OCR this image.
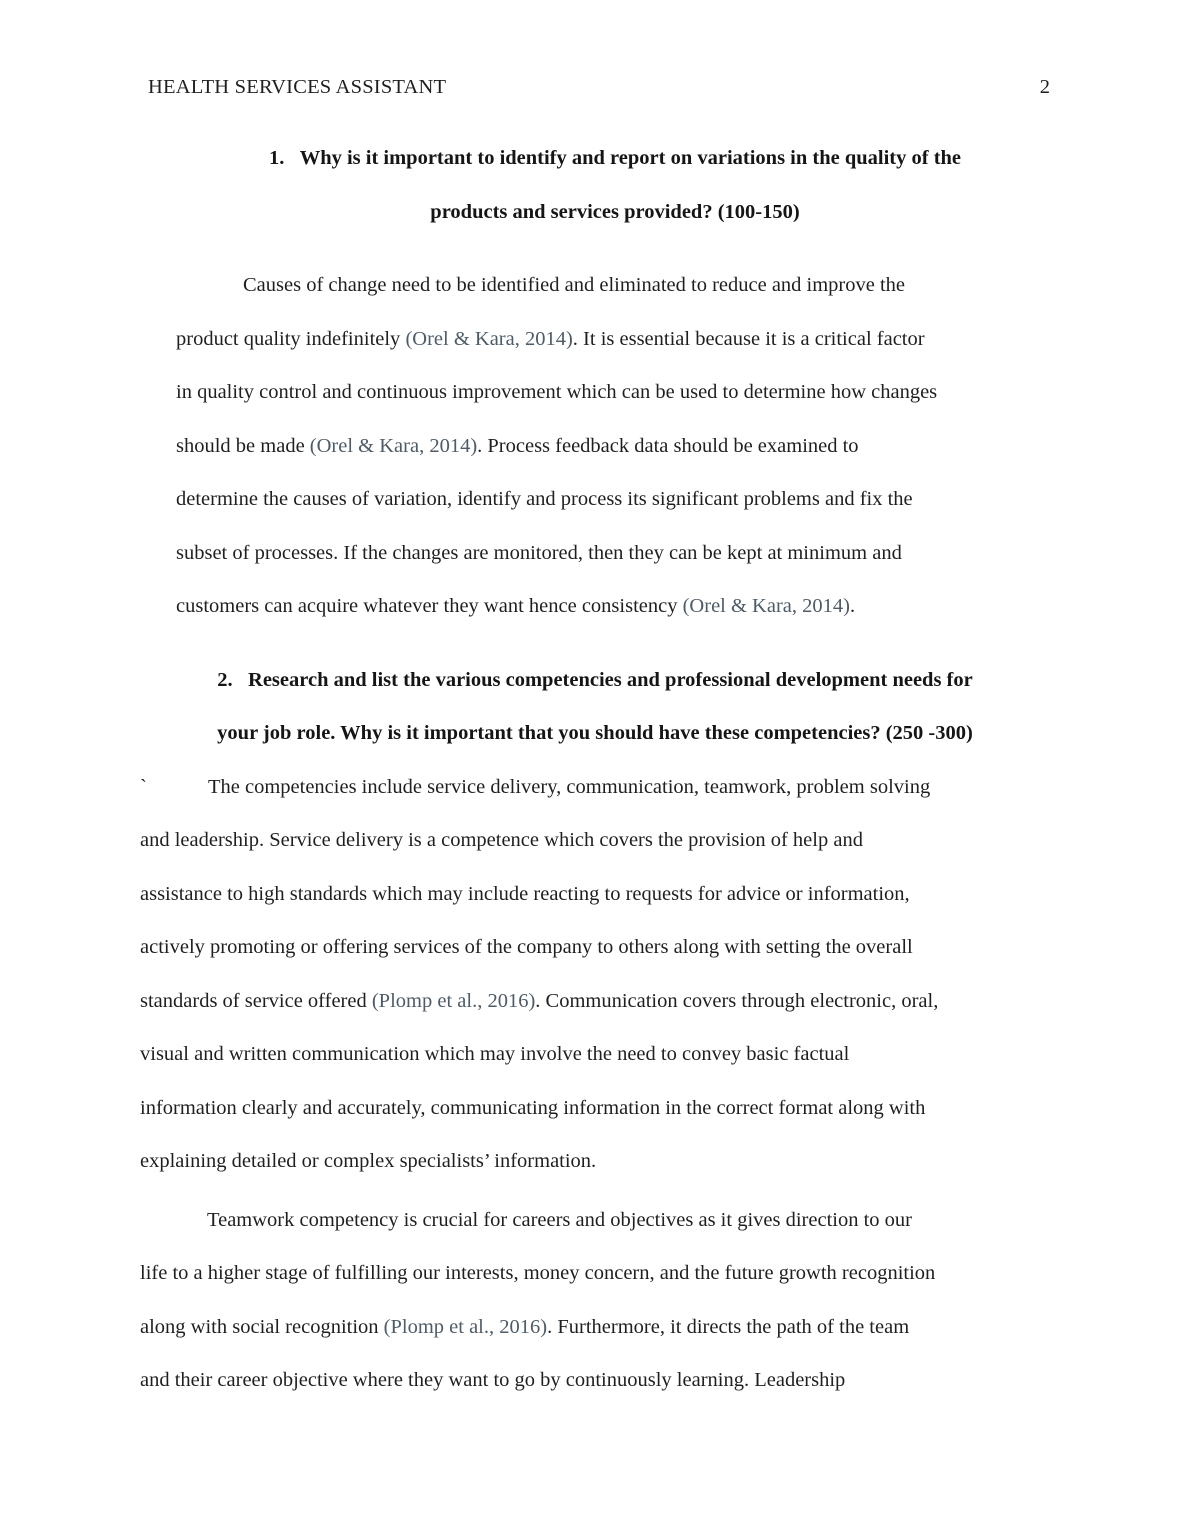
HEALTH SERVICES ASSISTANT	2
1.   Why is it important to identify and report on variations in the quality of the
products and services provided? (100-150)
Causes of change need to be identified and eliminated to reduce and improve the
product quality indefinitely (Orel & Kara, 2014). It is essential because it is a critical factor
in quality control and continuous improvement which can be used to determine how changes
should be made (Orel & Kara, 2014). Process feedback data should be examined to
determine the causes of variation, identify and process its significant problems and fix the
subset of processes. If the changes are monitored, then they can be kept at minimum and
customers can acquire whatever they want hence consistency (Orel & Kara, 2014).
2.   Research and list the various competencies and professional development needs for
your job role. Why is it important that you should have these competencies? (250 -300)
`	The competencies include service delivery, communication, teamwork, problem solving
and leadership. Service delivery is a competence which covers the provision of help and
assistance to high standards which may include reacting to requests for advice or information,
actively promoting or offering services of the company to others along with setting the overall
standards of service offered (Plomp et al., 2016). Communication covers through electronic, oral,
visual and written communication which may involve the need to convey basic factual
information clearly and accurately, communicating information in the correct format along with
explaining detailed or complex specialists’ information.
Teamwork competency is crucial for careers and objectives as it gives direction to our
life to a higher stage of fulfilling our interests, money concern, and the future growth recognition
along with social recognition (Plomp et al., 2016). Furthermore, it directs the path of the team
and their career objective where they want to go by continuously learning. Leadership
